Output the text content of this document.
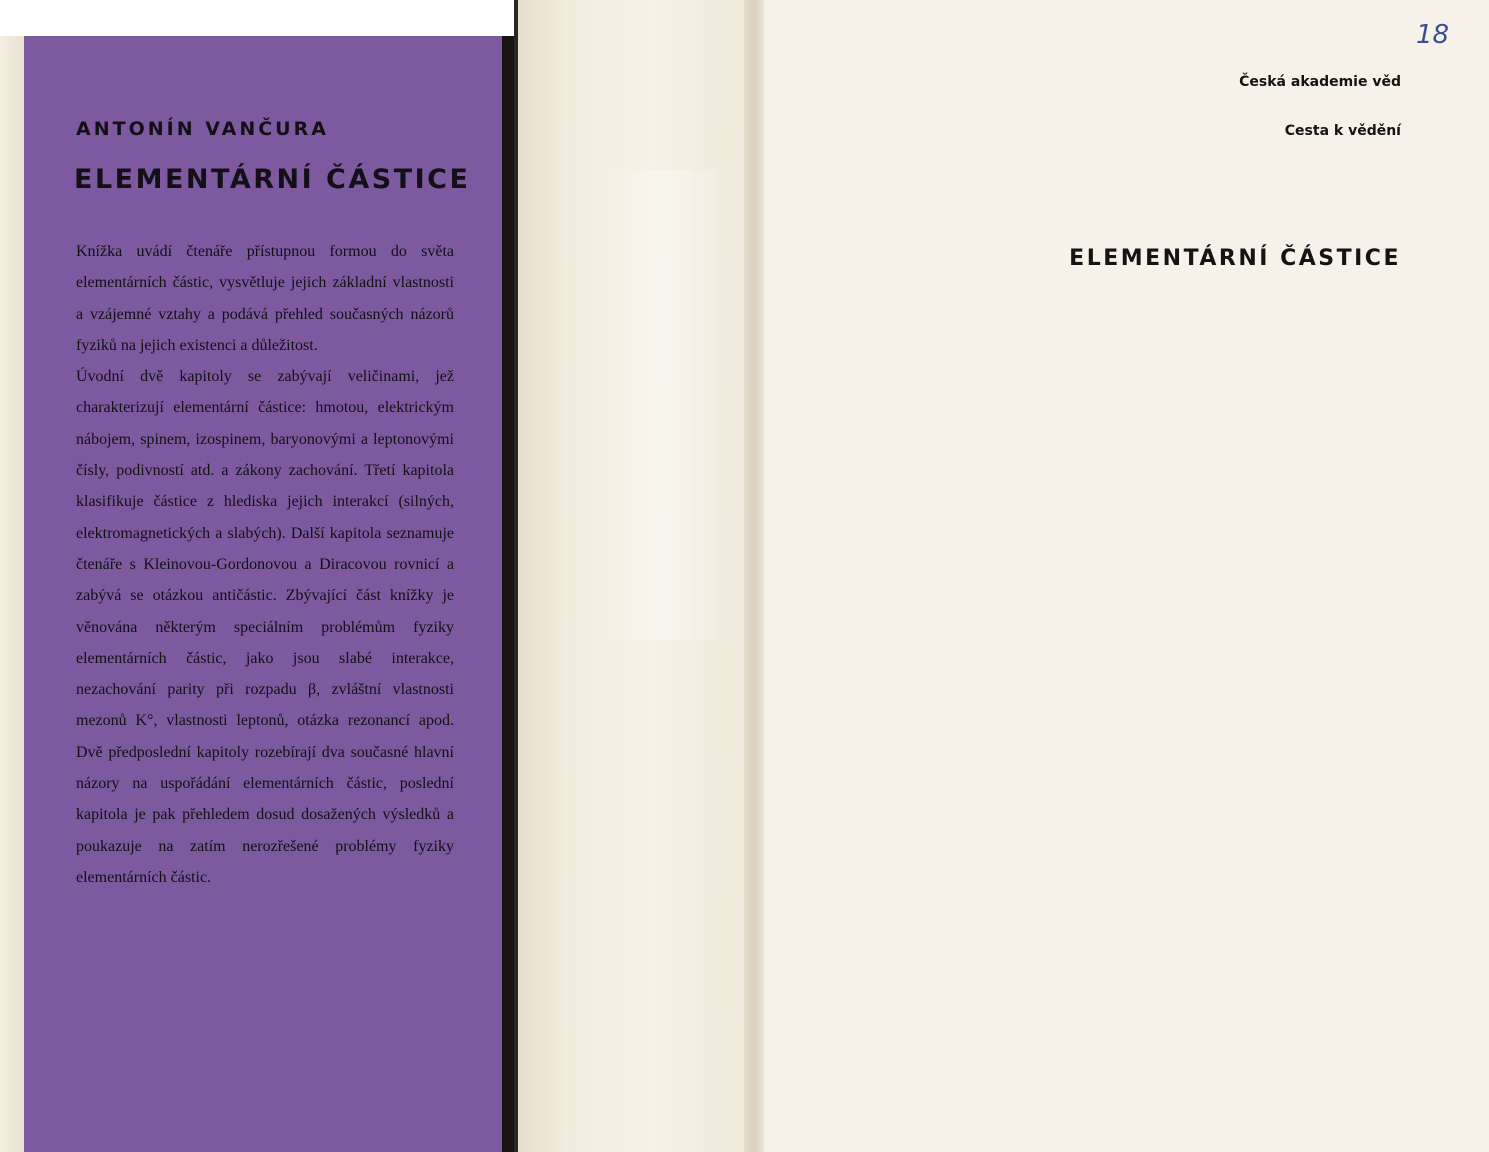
ANTONÍN VANČURA
ELEMENTÁRNÍ ČÁSTICE

Knížka uvádí čtenáře přístupnou formou do světa elementárních částic, vysvětluje jejich základní vlastnosti a vzájemné vztahy a podává přehled současných názorů fyziků na jejich existenci a důležitost.

Úvodní dvě kapitoly se zabývají veličinami, jež charakterizují elementární částice: hmotou, elektrickým nábojem, spinem, izospinem, baryonovými a leptonovými čísly, podivností atd. a zákony zachování. Třetí kapitola klasifikuje částice z hlediska jejich interakcí (silných, elektromagnetických a slabých). Další kapitola seznamuje čtenáře s Kleinovou-Gordonovou a Diracovou rovnicí a zabývá se otázkou antičástic. Zbývající část knížky je věnována některým speciálním problémům fyziky elementárních částic, jako jsou slabé interakce, nezachování parity při rozpadu β, zvláštní vlastnosti mezonů K°, vlastnosti leptonů, otázka rezonancí apod. Dvě předposlední kapitoly rozebírají dva současné hlavní názory na uspořádání elementárních částic, poslední kapitola je pak přehledem dosud dosažených výsledků a poukazuje na zatím nerozřešené problémy fyziky elementárních částic.

18

Česká akademie věd

Cesta k vědění

ELEMENTÁRNÍ ČÁSTICE
